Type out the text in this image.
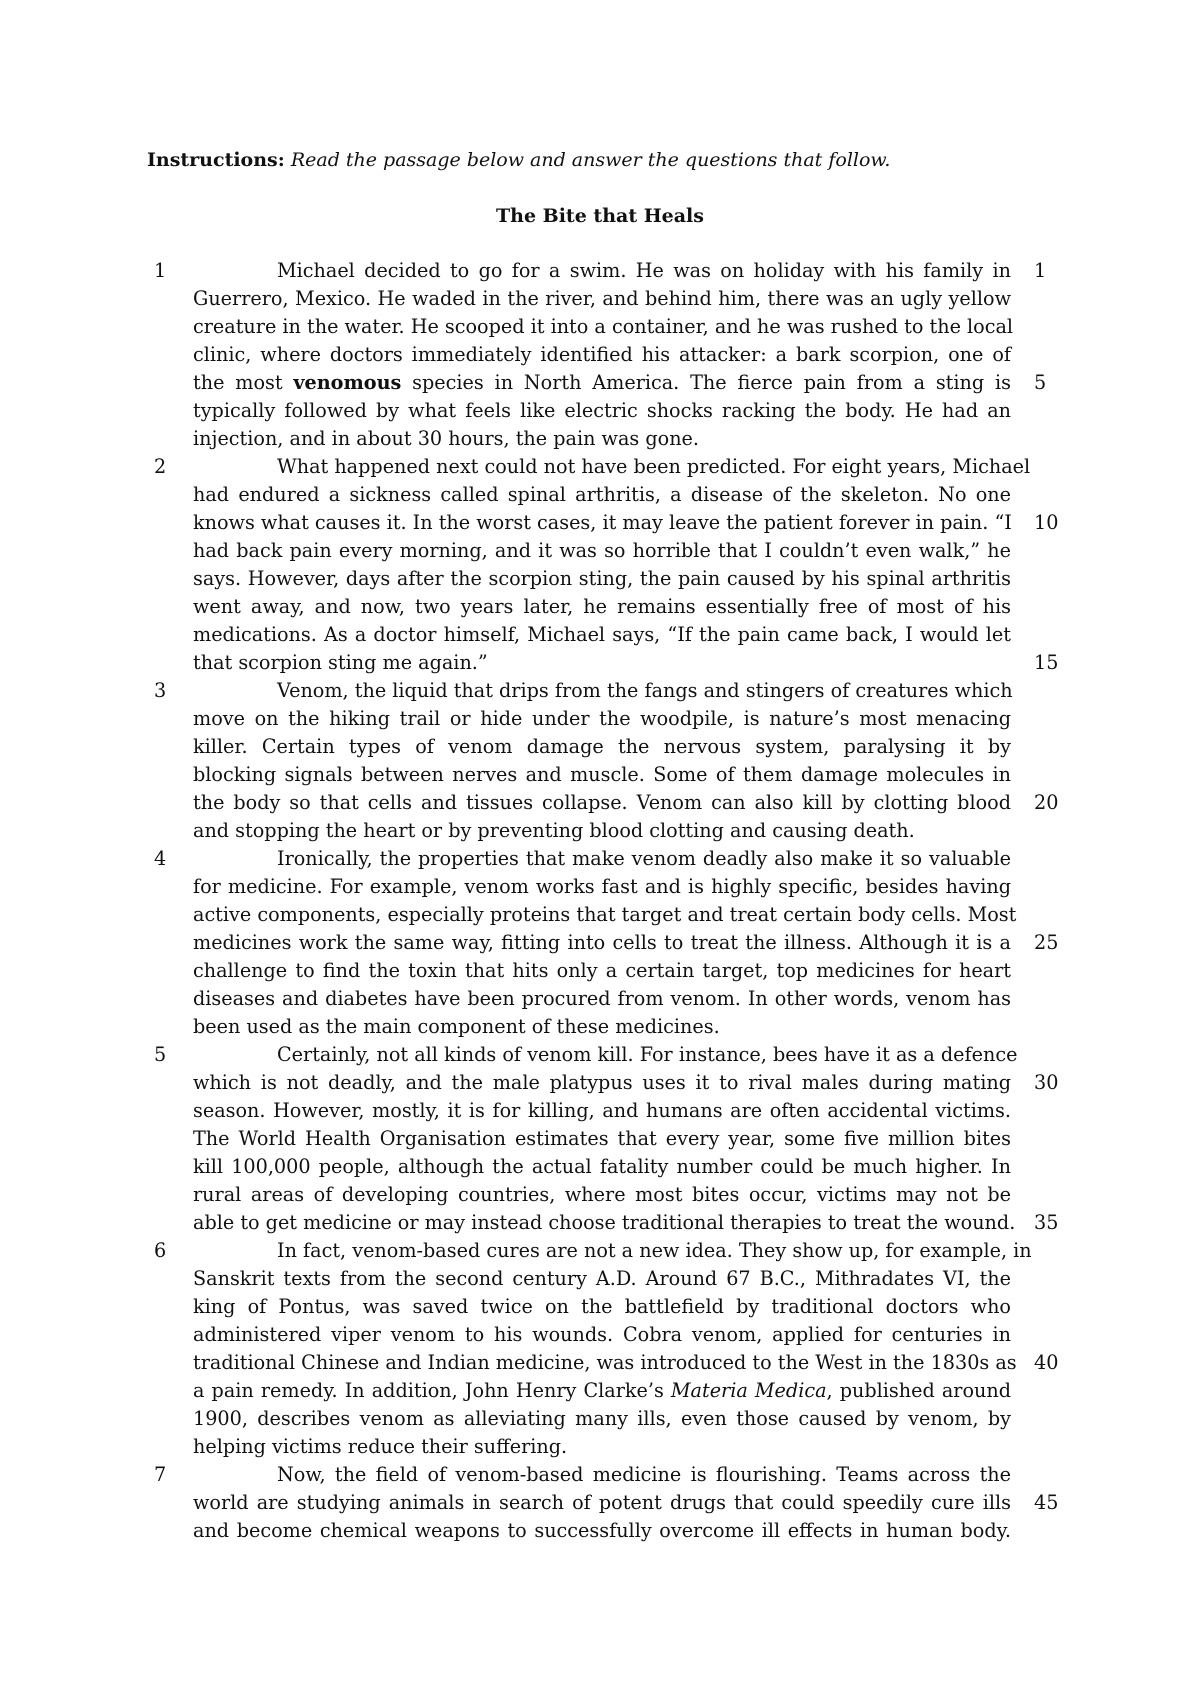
Instructions: Read the passage below and answer the questions that follow.
The Bite that Heals
1	Michael decided to go for a swim. He was on holiday with his family in 1
Guerrero, Mexico. He waded in the river, and behind him, there was an ugly yellow
creature in the water. He scooped it into a container, and he was rushed to the local
clinic, where doctors immediately identified his attacker: a bark scorpion, one of
the most venomous species in North America. The fierce pain from a sting is 5
typically followed by what feels like electric shocks racking the body. He had an
injection, and in about 30 hours, the pain was gone.
2	What happened next could not have been predicted. For eight years, Michael
had endured a sickness called spinal arthritis, a disease of the skeleton. No one
knows what causes it. In the worst cases, it may leave the patient forever in pain. “I 10
had back pain every morning, and it was so horrible that I couldn’t even walk,” he
says. However, days after the scorpion sting, the pain caused by his spinal arthritis
went away, and now, two years later, he remains essentially free of most of his
medications. As a doctor himself, Michael says, “If the pain came back, I would let
that scorpion sting me again.”	15
3	Venom, the liquid that drips from the fangs and stingers of creatures which
move on the hiking trail or hide under the woodpile, is nature’s most menacing
killer. Certain types of venom damage the nervous system, paralysing it by
blocking signals between nerves and muscle. Some of them damage molecules in
the body so that cells and tissues collapse. Venom can also kill by clotting blood 20
and stopping the heart or by preventing blood clotting and causing death.
4	Ironically, the properties that make venom deadly also make it so valuable
for medicine. For example, venom works fast and is highly specific, besides having
active components, especially proteins that target and treat certain body cells. Most
medicines work the same way, fitting into cells to treat the illness. Although it is a 25
challenge to find the toxin that hits only a certain target, top medicines for heart
diseases and diabetes have been procured from venom. In other words, venom has
been used as the main component of these medicines.
5	Certainly, not all kinds of venom kill. For instance, bees have it as a defence
which is not deadly, and the male platypus uses it to rival males during mating 30
season. However, mostly, it is for killing, and humans are often accidental victims.
The World Health Organisation estimates that every year, some five million bites
kill 100,000 people, although the actual fatality number could be much higher. In
rural areas of developing countries, where most bites occur, victims may not be
able to get medicine or may instead choose traditional therapies to treat the wound. 35
6	In fact, venom-based cures are not a new idea. They show up, for example, in
Sanskrit texts from the second century A.D. Around 67 B.C., Mithradates VI, the
king of Pontus, was saved twice on the battlefield by traditional doctors who
administered viper venom to his wounds. Cobra venom, applied for centuries in
traditional Chinese and Indian medicine, was introduced to the West in the 1830s as 40
a pain remedy. In addition, John Henry Clarke’s Materia Medica, published around
1900, describes venom as alleviating many ills, even those caused by venom, by
helping victims reduce their suffering.
7	Now, the field of venom-based medicine is flourishing. Teams across the
world are studying animals in search of potent drugs that could speedily cure ills 45
and become chemical weapons to successfully overcome ill effects in human body.
